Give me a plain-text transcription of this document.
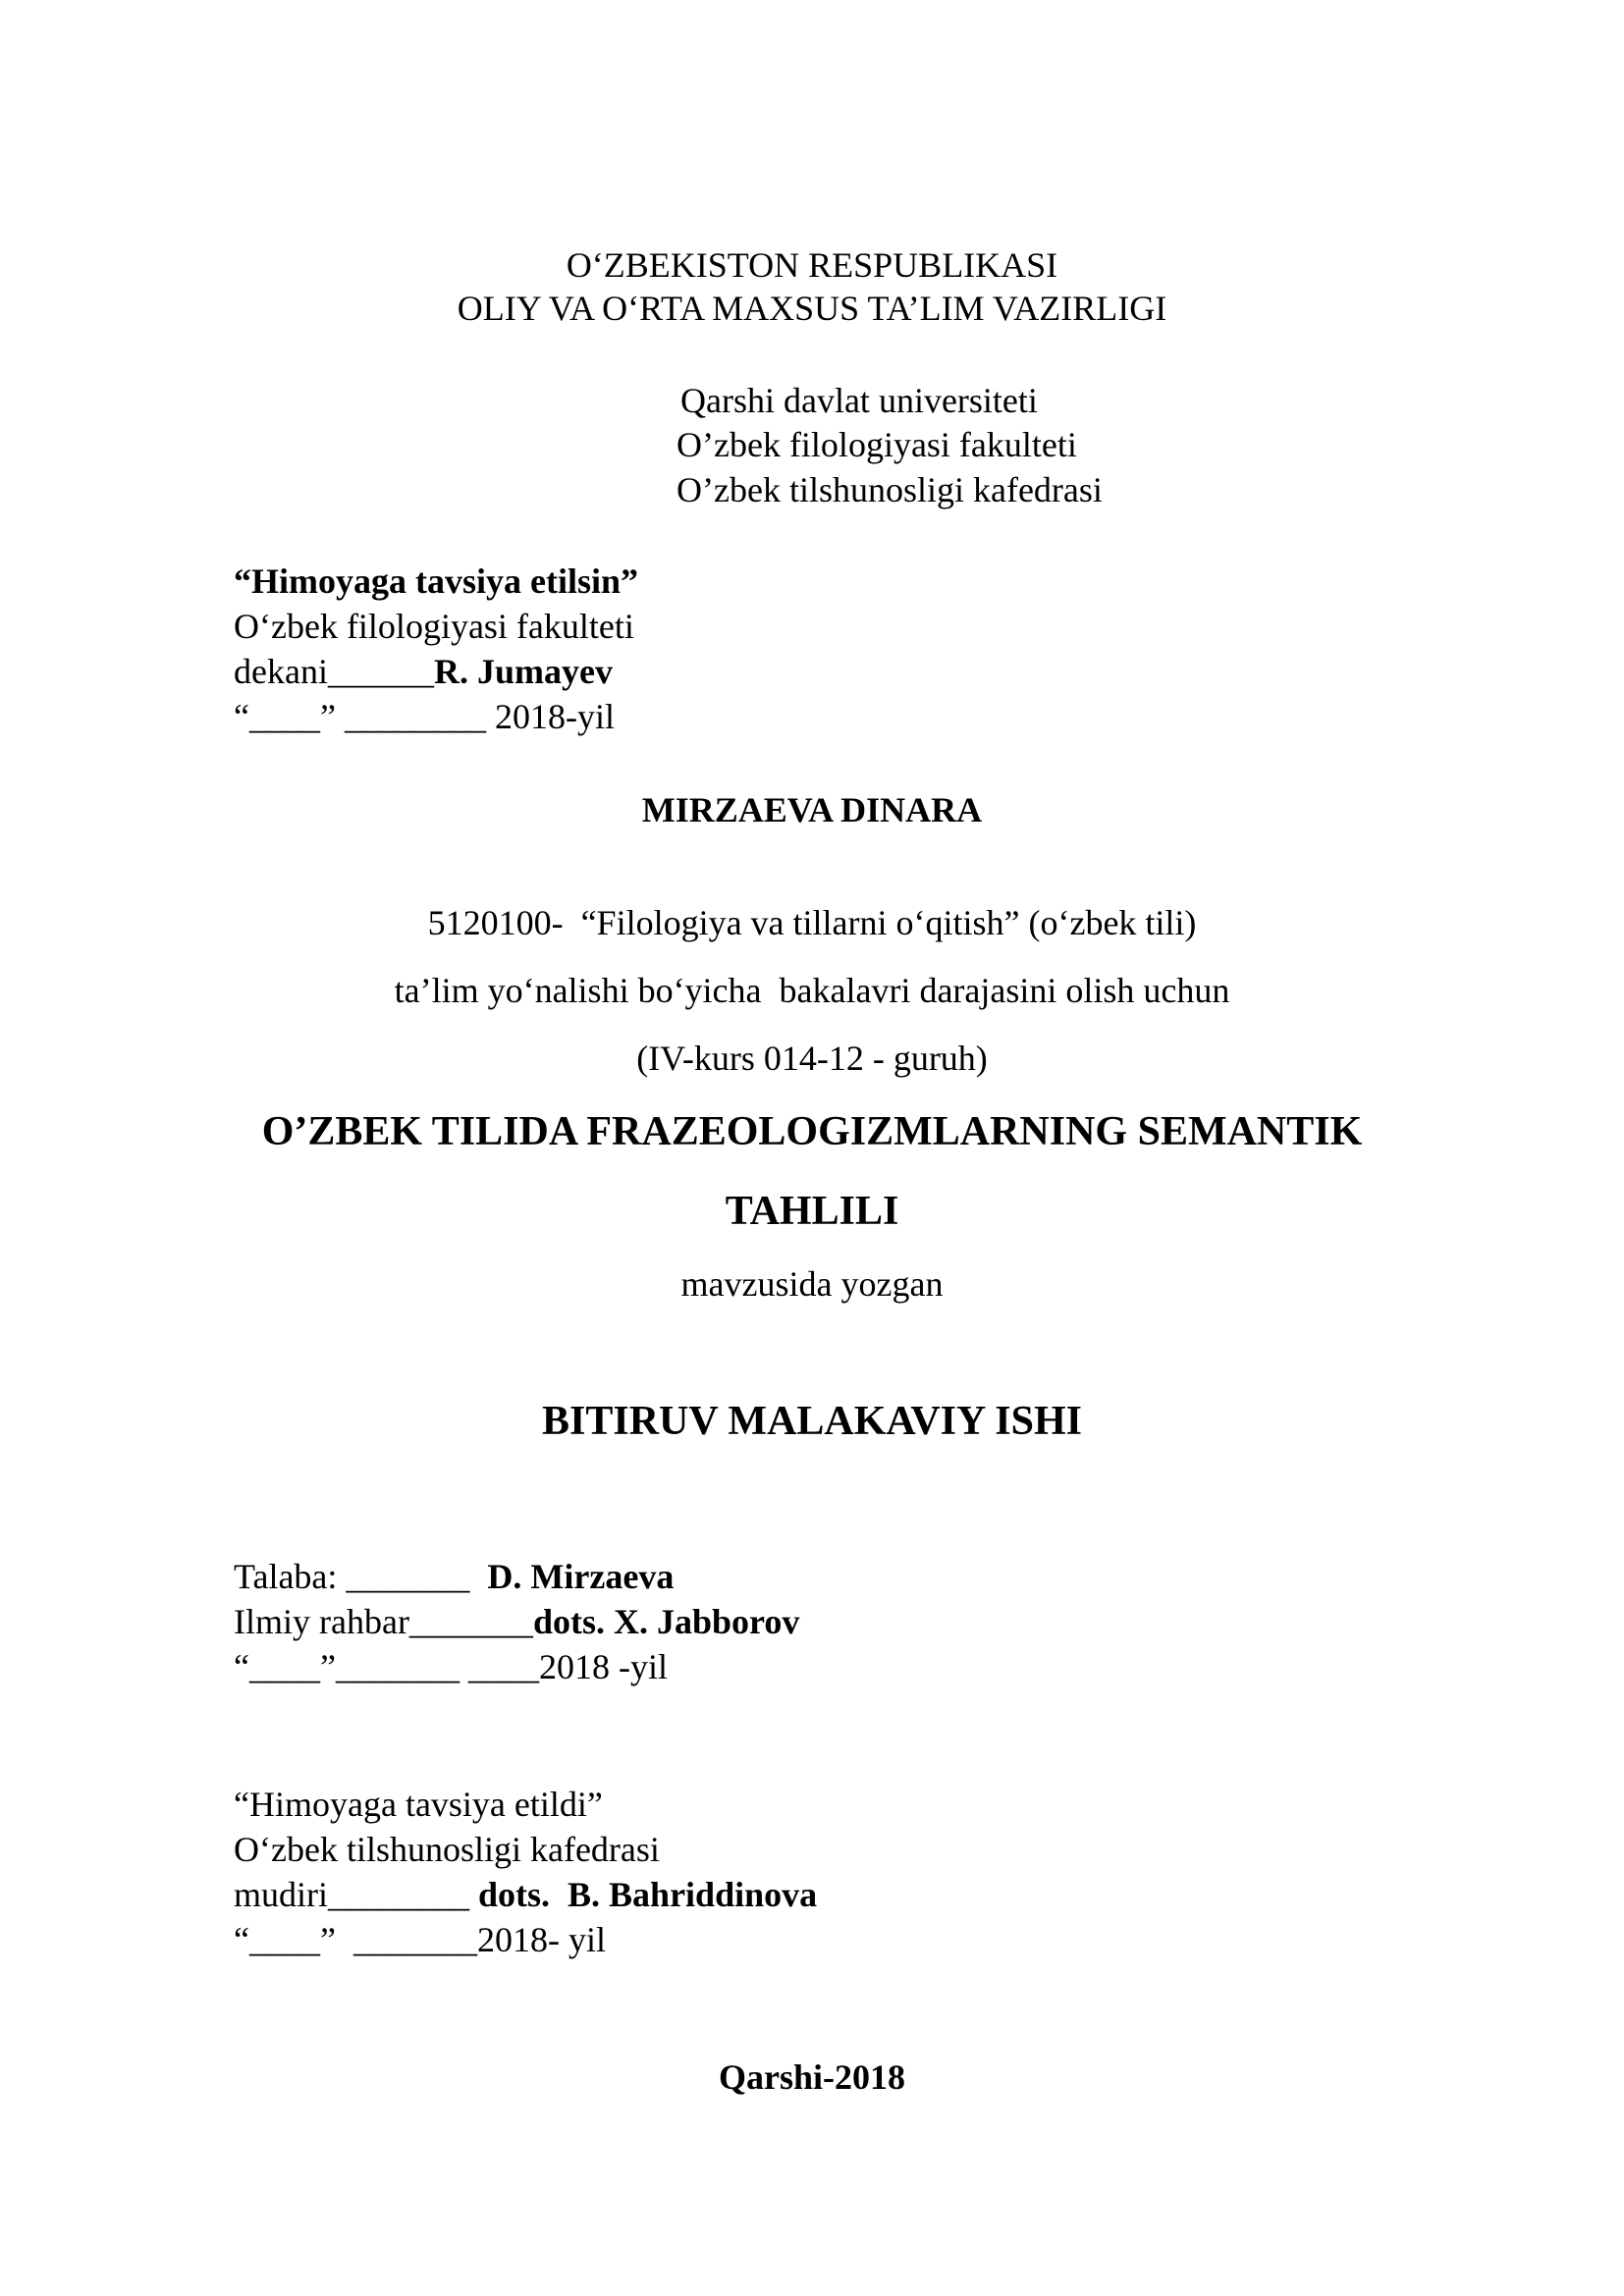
O‘ZBEKISTON RESPUBLIKASI
OLIY VA O‘RTA MAXSUS TA’LIM VAZIRLIGI
Qarshi davlat universiteti
O’zbek filologiyasi fakulteti
O’zbek tilshunosligi kafedrasi
“Himoyaga tavsiya etilsin”
O‘zbek filologiyasi fakulteti
dekani______R. Jumayev
“____” ________ 2018-yil
MIRZAEVA DINARA
5120100-  “Filologiya va tillarni o‘qitish” (o‘zbek tili)
ta’lim yo‘nalishi bo‘yicha  bakalavri darajasini olish uchun
(IV-kurs 014-12 - guruh)
O’ZBEK TILIDA FRAZEOLOGIZMLARNING SEMANTIK
TAHLILI
mavzusida yozgan
BITIRUV MALAKAVIY ISHI
Talaba: _______  D. Mirzaeva
Ilmiy rahbar_______dots. X. Jabborov
“____”_______ ____2018 -yil
“Himoyaga tavsiya etildi”
O‘zbek tilshunosligi kafedrasi
mudiri________ dots.  B. Bahriddinova
“____”  _______2018- yil
Qarshi-2018
